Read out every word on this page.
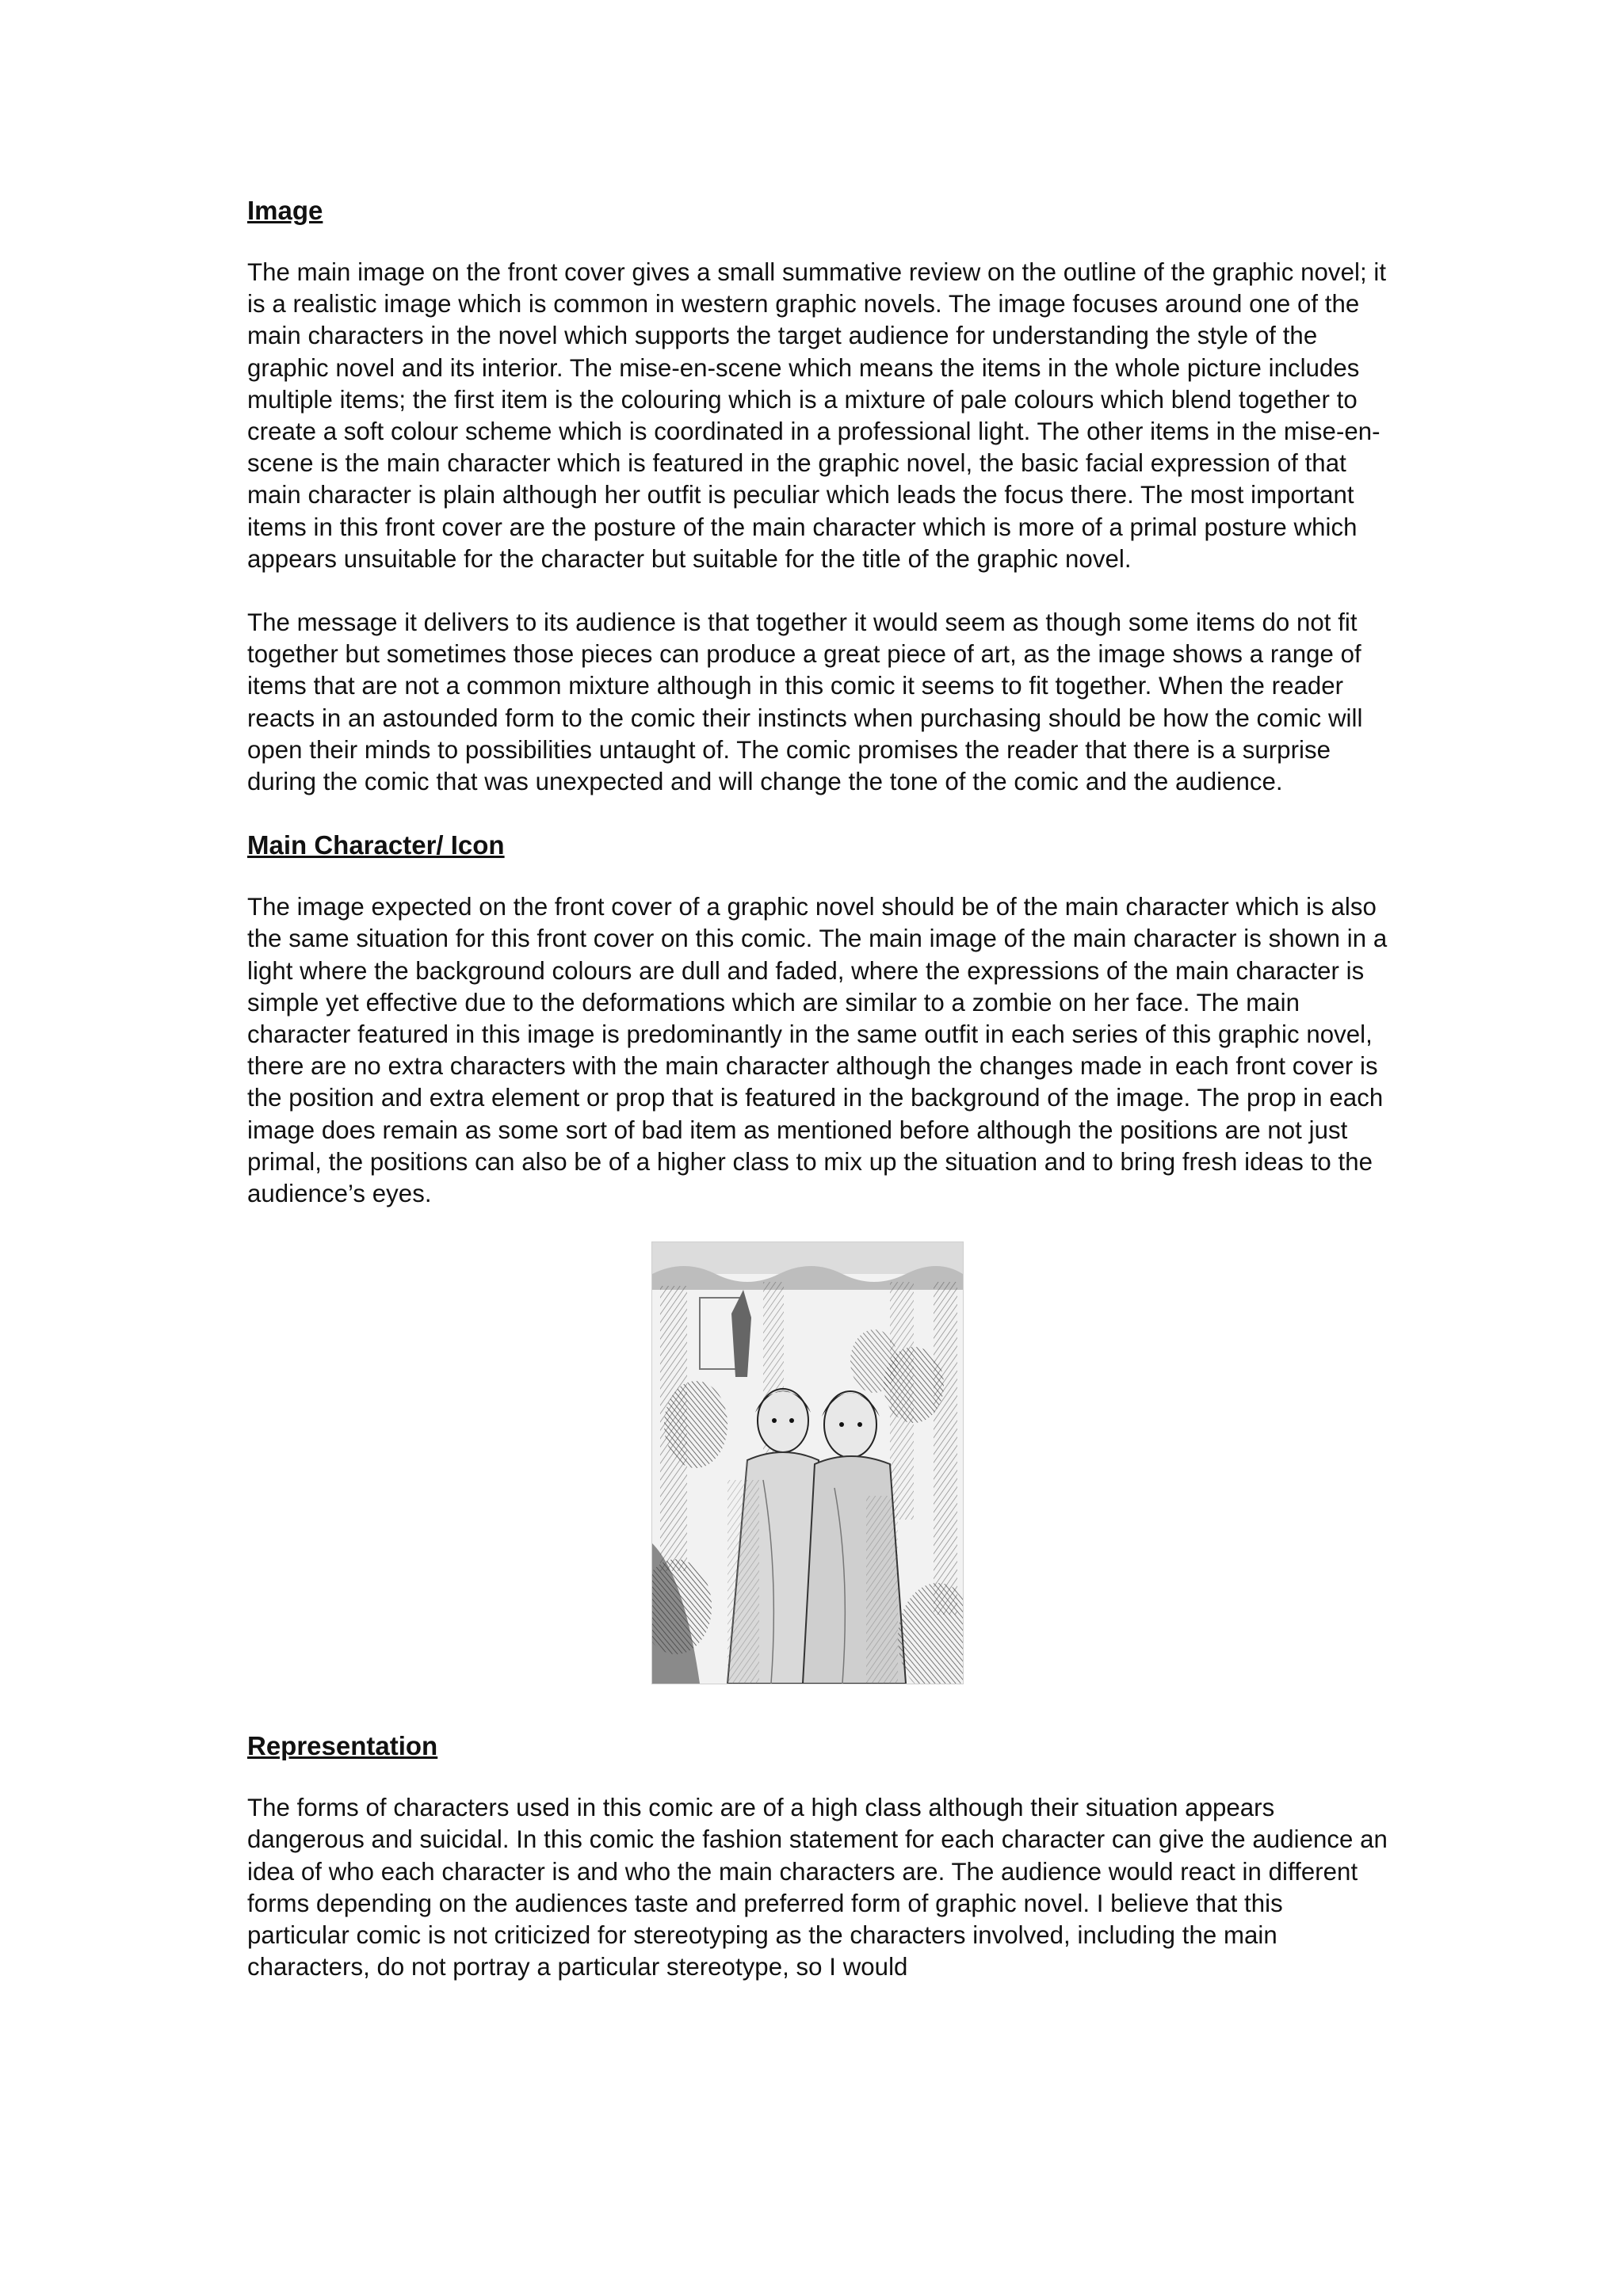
Image

The main image on the front cover gives a small summative review on the outline of the graphic novel; it is a realistic image which is common in western graphic novels. The image focuses around one of the main characters in the novel which supports the target audience for understanding the style of the graphic novel and its interior. The mise-en-scene which means the items in the whole picture includes multiple items; the first item is the colouring which is a mixture of pale colours which blend together to create a soft colour scheme which is coordinated in a professional light. The other items in the mise-en-scene is the main character which is featured in the graphic novel, the basic facial expression of that main character is plain although her outfit is peculiar which leads the focus there. The most important items in this front cover are the posture of the main character which is more of a primal posture which appears unsuitable for the character but suitable for the title of the graphic novel.

The message it delivers to its audience is that together it would seem as though some items do not fit together but sometimes those pieces can produce a great piece of art, as the image shows a range of items that are not a common mixture although in this comic it seems to fit together. When the reader reacts in an astounded form to the comic their instincts when purchasing should be how the comic will open their minds to possibilities untaught of. The comic promises the reader that there is a surprise during the comic that was unexpected and will change the tone of the comic and the audience.

Main Character/ Icon

The image expected on the front cover of a graphic novel should be of the main character which is also the same situation for this front cover on this comic. The main image of the main character is shown in a light where the background colours are dull and faded, where the expressions of the main character is simple yet effective due to the deformations which are similar to a zombie on her face. The main character featured in this image is predominantly in the same outfit in each series of this graphic novel, there are no extra characters with the main character although the changes made in each front cover is the position and extra element or prop that is featured in the background of the image. The prop in each image does remain as some sort of bad item as mentioned before although the positions are not just primal, the positions can also be of a higher class to mix up the situation and to bring fresh ideas to the audience’s eyes.

Representation

The forms of characters used in this comic are of a high class although their situation appears dangerous and suicidal. In this comic the fashion statement for each character can give the audience an idea of who each character is and who the main characters are. The audience would react in different forms depending on the audiences taste and preferred form of graphic novel. I believe that this particular comic is not criticized for stereotyping as the characters involved, including the main characters, do not portray a particular stereotype, so I would
